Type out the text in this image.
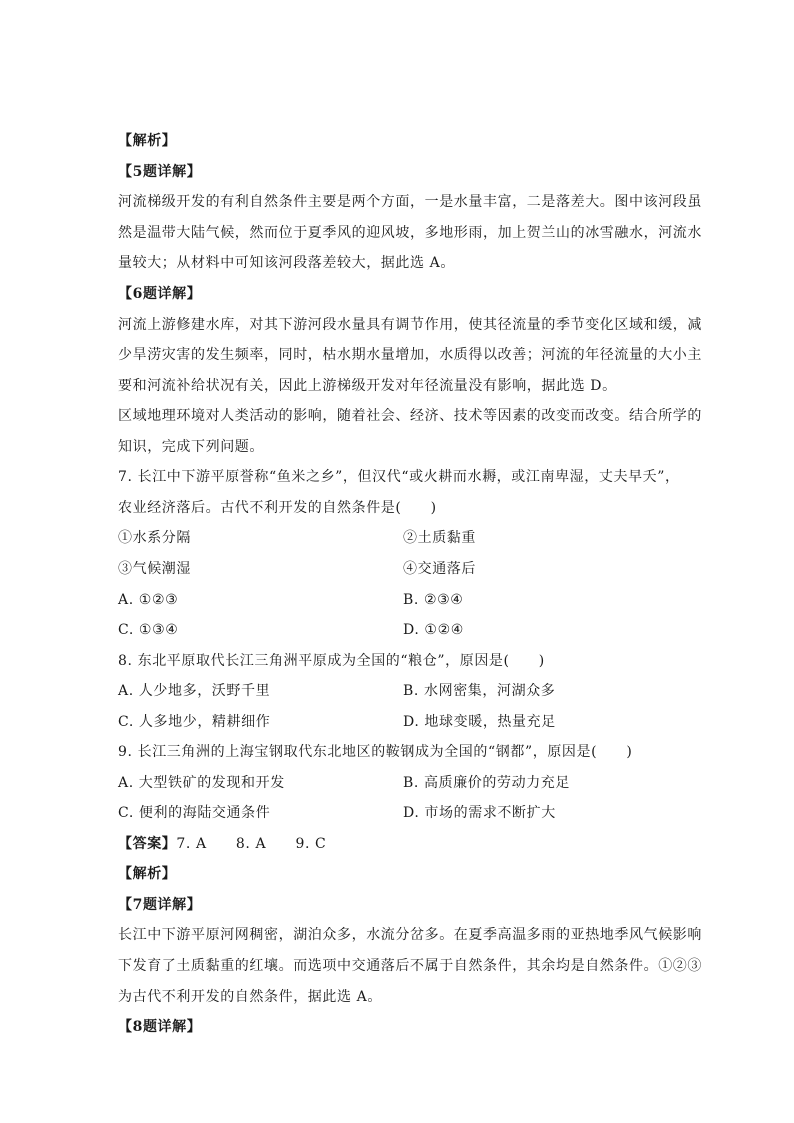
【解析】
【5题详解】
河流梯级开发的有利自然条件主要是两个方面，一是水量丰富，二是落差大。图中该河段虽
然是温带大陆气候，然而位于夏季风的迎风坡，多地形雨，加上贺兰山的冰雪融水，河流水
量较大；从材料中可知该河段落差较大，据此选 A。
【6题详解】
河流上游修建水库，对其下游河段水量具有调节作用，使其径流量的季节变化区域和缓，减
少旱涝灾害的发生频率，同时，枯水期水量增加，水质得以改善；河流的年径流量的大小主
要和河流补给状况有关，因此上游梯级开发对年径流量没有影响，据此选 D。
区域地理环境对人类活动的影响，随着社会、经济、技术等因素的改变而改变。结合所学的
知识，完成下列问题。
7. 长江中下游平原誉称“鱼米之乡”，但汉代“或火耕而水耨，或江南卑湿，丈夫早夭”，
农业经济落后。古代不利开发的自然条件是(　　)
①水系分隔	②土质黏重
③气候潮湿	④交通落后
A. ①②③	B. ②③④
C. ①③④	D. ①②④
8. 东北平原取代长江三角洲平原成为全国的“粮仓”，原因是(　　)
A. 人少地多，沃野千里	B. 水网密集，河湖众多
C. 人多地少，精耕细作	D. 地球变暖，热量充足
9. 长江三角洲的上海宝钢取代东北地区的鞍钢成为全国的“钢都”，原因是(　　)
A. 大型铁矿的发现和开发	B. 高质廉价的劳动力充足
C. 便利的海陆交通条件	D. 市场的需求不断扩大
【答案】7. A　　8. A　　9. C
【解析】
【7题详解】
长江中下游平原河网稠密，湖泊众多，水流分岔多。在夏季高温多雨的亚热地季风气候影响
下发育了土质黏重的红壤。而选项中交通落后不属于自然条件，其余均是自然条件。①②③
为古代不利开发的自然条件，据此选 A。
【8题详解】
